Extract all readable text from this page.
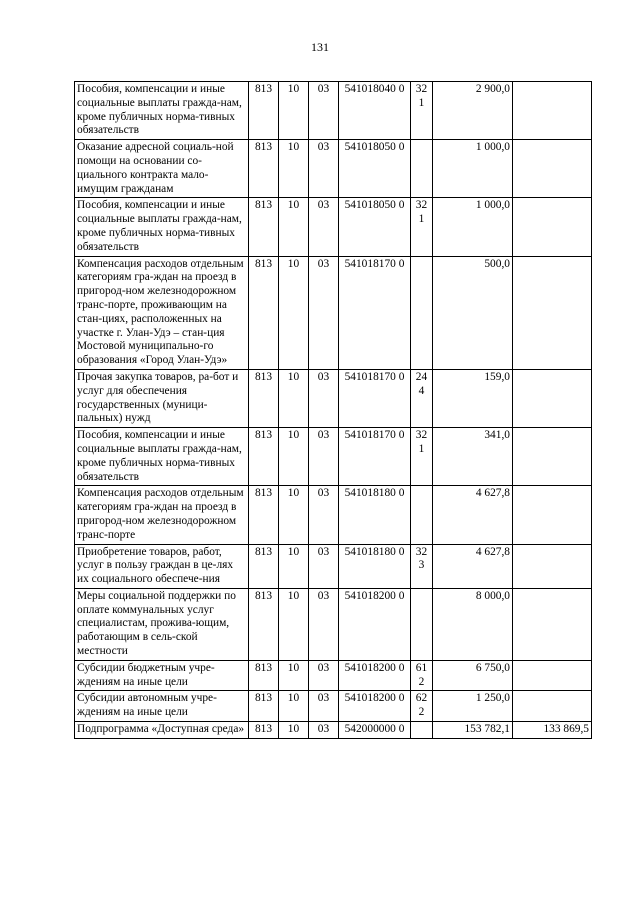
131
Пособия, компенсации и иные социальные выплаты гражда-нам, кроме публичных норма-тивных обязательств	813	10	03	541018040 0	32 1	2 900,0	
Оказание адресной социаль-ной помощи на основании со-циального контракта мало-имущим гражданам	813	10	03	541018050 0		1 000,0	
Пособия, компенсации и иные социальные выплаты гражда-нам, кроме публичных норма-тивных обязательств	813	10	03	541018050 0	32 1	1 000,0	
Компенсация расходов отдельным категориям гра-ждан на проезд в пригород-ном железнодорожном транс-порте, проживающим на стан-циях, расположенных на участке г. Улан-Удэ – стан-ция Мостовой муниципально-го образования «Город Улан-Удэ»	813	10	03	541018170 0		500,0	
Прочая закупка товаров, ра-бот и услуг для обеспечения государственных (муници-пальных) нужд	813	10	03	541018170 0	24 4	159,0	
Пособия, компенсации и иные социальные выплаты гражда-нам, кроме публичных норма-тивных обязательств	813	10	03	541018170 0	32 1	341,0	
Компенсация расходов отдельным категориям гра-ждан на проезд в пригород-ном железнодорожном транс-порте	813	10	03	541018180 0		4 627,8	
Приобретение товаров, работ, услуг в пользу граждан в це-лях их социального обеспече-ния	813	10	03	541018180 0	32 3	4 627,8	
Меры социальной поддержки по оплате коммунальных услуг специалистам, прожива-ющим, работающим в сель-ской местности	813	10	03	541018200 0		8 000,0	
Субсидии бюджетным учре-ждениям на иные цели	813	10	03	541018200 0	61 2	6 750,0	
Субсидии автономным учре-ждениям на иные цели	813	10	03	541018200 0	62 2	1 250,0	
Подпрограмма «Доступная среда»	813	10	03	542000000 0		153 782,1	133 869,5
